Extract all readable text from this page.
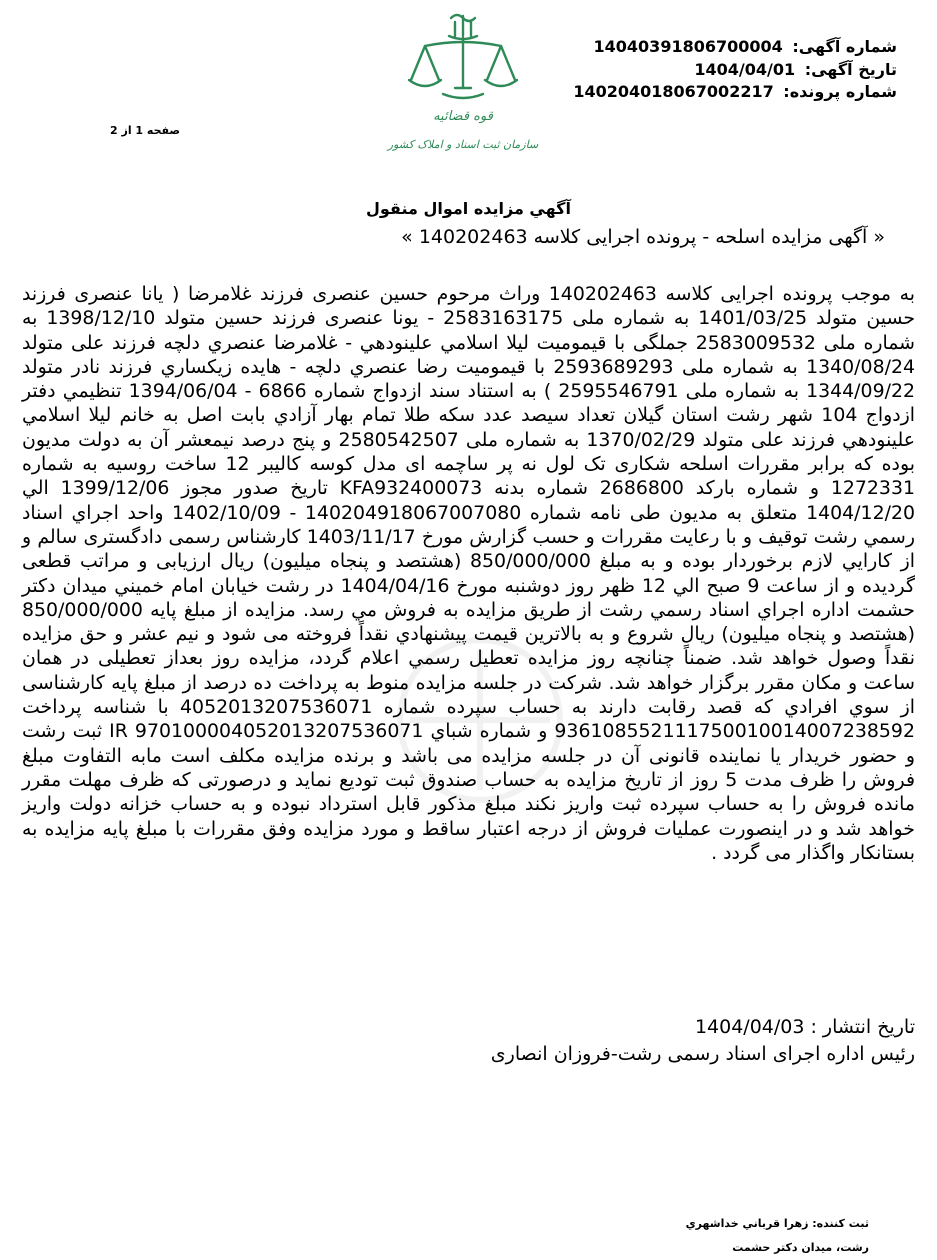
شماره آگهی: 14040391806700004
تاریخ آگهی: 1404/04/01
شماره پرونده: 140204018067002217
قوه قضائیه
سازمان ثبت اسناد و املاک کشور
صفحه 1 از 2
آگهي مزايده اموال منقول
« آگهی مزایده اسلحه - پرونده اجرایی کلاسه 140202463 »
به موجب پرونده اجرایی کلاسه 140202463 وراث مرحوم حسین عنصری فرزند غلامرضا ( یانا عنصری فرزند حسین متولد 1401/03/25 به شماره ملی 2583163175 - یونا عنصری فرزند حسین متولد 1398/12/10 به شماره ملی 2583009532 جملگی با قیمومیت لیلا اسلامي علینودهي - غلامرضا عنصري دلچه فرزند علی متولد 1340/08/24 به شماره ملی 2593689293 با قیمومیت رضا عنصري دلچه - هایده زیکساري فرزند نادر متولد 1344/09/22 به شماره ملی 2595546791 ) به استناد سند ازدواج شماره 6866 - 1394/06/04 تنظیمي دفتر ازدواج 104 شهر رشت استان گیلان تعداد سیصد عدد سکه طلا تمام بهار آزادي بابت اصل به خانم لیلا اسلامي علینودهي فرزند علی متولد 1370/02/29 به شماره ملی 2580542507 و پنج درصد نیمعشر آن به دولت مدیون بوده که برابر مقررات اسلحه شکاری تک لول نه پر ساچمه ای مدل کوسه کالیبر 12 ساخت روسیه به شماره 1272331 و شماره بارکد 2686800 شماره بدنه KFA932400073 تاریخ صدور مجوز 1399/12/06 الي 1404/12/20 متعلق به مدیون طی نامه شماره 140204918067007080 - 1402/10/09 واحد اجراي اسناد رسمي رشت توقیف و با رعایت مقررات و حسب گزارش مورخ 1403/11/17 کارشناس رسمی دادگستری سالم و از کارایي لازم برخوردار بوده و به مبلغ 850/000/000 (هشتصد و پنجاه میلیون) ریال ارزیابی و مراتب قطعی گردیده و از ساعت 9 صبح الي 12 ظهر روز دوشنبه مورخ 1404/04/16 در رشت خیابان امام خمیني میدان دکتر حشمت اداره اجراي اسناد رسمي رشت از طریق مزایده به فروش مي رسد. مزایده از مبلغ پایه 850/000/000 (هشتصد و پنجاه میلیون) ریال شروع و به بالاترین قیمت پیشنهادي نقداً فروخته می شود و نیم عشر و حق مزایده نقداً وصول خواهد شد. ضمناً چنانچه روز مزایده تعطیل رسمي اعلام گردد، مزایده روز بعداز تعطیلی در همان ساعت و مکان مقرر برگزار خواهد شد. شرکت در جلسه مزایده منوط به پرداخت ده درصد از مبلغ پایه کارشناسی از سوي افرادي که قصد رقابت دارند به حساب سپرده شماره 4052013207536071 با شناسه پرداخت 936108552111750010014007238592 و شماره شباي IR 970100004052013207536071 ثبت رشت و حضور خریدار یا نماینده قانونی آن در جلسه مزایده می باشد و برنده مزایده مکلف است مابه التفاوت مبلغ فروش را ظرف مدت 5 روز از تاریخ مزایده به حساب صندوق ثبت تودیع نماید و درصورتی که ظرف مهلت مقرر مانده فروش را به حساب سپرده ثبت واریز نکند مبلغ مذکور قابل استرداد نبوده و به حساب خزانه دولت واریز خواهد شد و در اینصورت عملیات فروش از درجه اعتبار ساقط و مورد مزایده وفق مقررات با مبلغ پایه مزایده به بستانکار واگذار می گردد .
تاریخ انتشار : 1404/04/03
رئیس اداره اجرای اسناد رسمی رشت-فروزان انصاری
ثبت کننده: زهرا قرباني خداشهري
رشت، میدان دکتر حشمت
